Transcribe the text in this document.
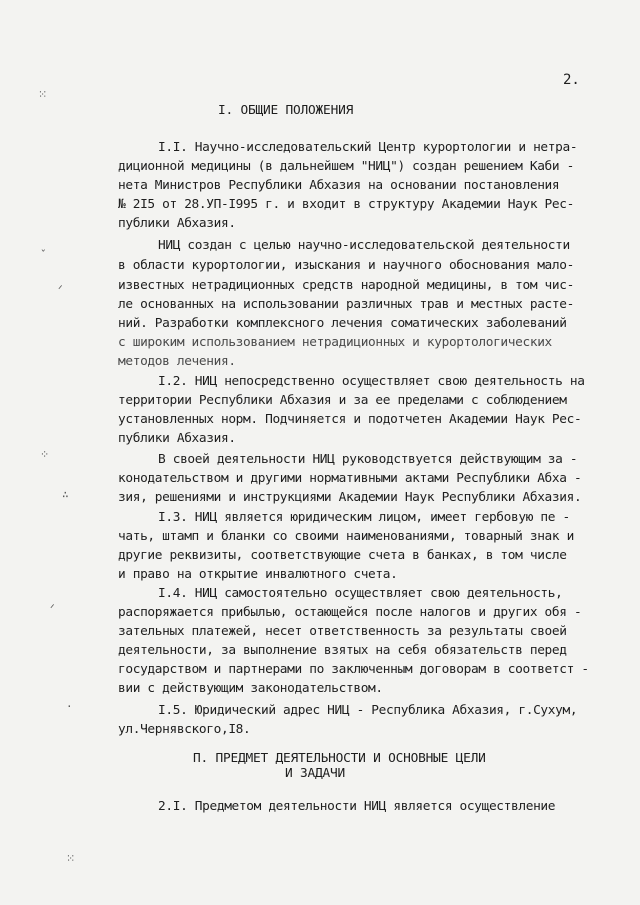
⁙
ˇ
ᐟ
⁘
∴
ᐟ
·
⁙
2.
I. ОБЩИЕ ПОЛОЖЕНИЯ
I.I. Научно-исследовательский Центр курортологии и нетра-
диционной медицины (в дальнейшем "НИЦ") создан решением Каби -
нета Министров Республики Абхазия на основании постановления
№ 2I5 от 28.УП-I995 г. и входит в структуру Академии Наук Рес-
публики Абхазия.
НИЦ создан с целью научно-исследовательской деятельности
в области курортологии, изыскания и научного обоснования мало-
известных нетрадиционных средств народной медицины, в том чис-
ле основанных на использовании различных трав и местных расте-
ний. Разработки комплексного лечения соматических заболеваний
с широким использованием нетрадиционных и курортологических
методов лечения.
I.2. НИЦ непосредственно осуществляет свою деятельность на
территории Республики Абхазия и за ее пределами с соблюдением
установленных норм. Подчиняется и подотчетен Академии Наук Рес-
публики Абхазия.
В своей деятельности НИЦ руководствуется действующим за -
конодательством и другими нормативными актами Республики Абха -
зия, решениями и инструкциями Академии Наук Республики Абхазия.
I.3. НИЦ является юридическим лицом, имеет гербовую пе -
чать, штамп и бланки со своими наименованиями, товарный знак и
другие реквизиты, соответствующие счета в банках, в том числе
и право на открытие инвалютного счета.
I.4. НИЦ самостоятельно осуществляет свою деятельность,
распоряжается прибылью, остающейся после налогов и других обя -
зательных платежей, несет ответственность за результаты своей
деятельности, за выполнение взятых на себя обязательств перед
государством и партнерами по заключенным договорам в соответст -
вии с действующим законодательством.
I.5. Юридический адрес НИЦ - Республика Абхазия, г.Сухум,
ул.Чернявского,I8.
П. ПРЕДМЕТ ДЕЯТЕЛЬНОСТИ И ОСНОВНЫЕ ЦЕЛИ
И ЗАДАЧИ
2.I. Предметом деятельности НИЦ является осуществление
